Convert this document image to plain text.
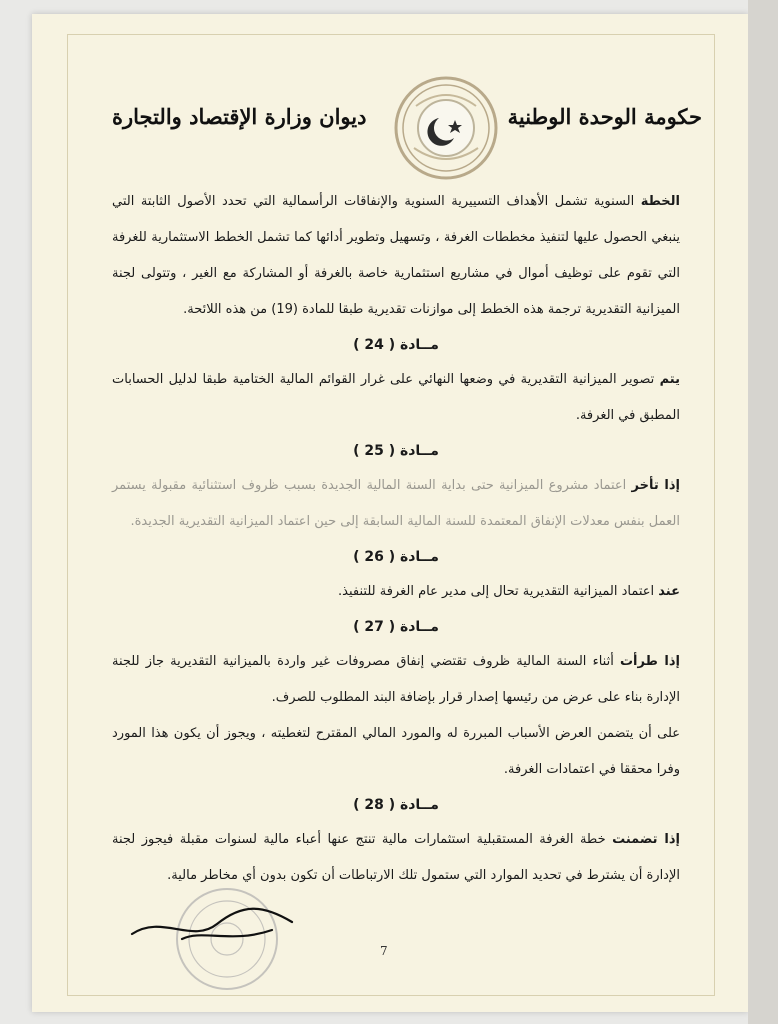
حكومة الوحدة الوطنية
ديوان وزارة الإقتصاد والتجارة

الخطة السنوية تشمل الأهداف التسييرية السنوية والإنفاقات الرأسمالية التي تحدد الأصول الثابتة التي ينبغي الحصول عليها لتنفيذ مخططات الغرفة ، وتسهيل وتطوير أدائها كما تشمل الخطط الاستثمارية للغرفة التي تقوم على توظيف أموال في مشاريع استثمارية خاصة بالغرفة أو المشاركة مع الغير ، وتتولى لجنة الميزانية التقديرية ترجمة هذه الخطط إلى موازنات تقديرية طبقا للمادة (19) من هذه اللائحة.

مــادة ( 24 )

يتم تصوير الميزانية التقديرية في وضعها النهائي على غرار القوائم المالية الختامية طبقا لدليل الحسابات المطبق في الغرفة.

مــادة ( 25 )

إذا تأخر اعتماد مشروع الميزانية حتى بداية السنة المالية الجديدة بسبب ظروف استثنائية مقبولة يستمر العمل بنفس معدلات الإنفاق المعتمدة للسنة المالية السابقة إلى حين اعتماد الميزانية التقديرية الجديدة.

مــادة ( 26 )

عند اعتماد الميزانية التقديرية تحال إلى مدير عام الغرفة للتنفيذ.

مــادة ( 27 )

إذا طرأت أثناء السنة المالية ظروف تقتضي إنفاق مصروفات غير واردة بالميزانية التقديرية جاز للجنة الإدارة بناء على عرض من رئيسها إصدار قرار بإضافة البند المطلوب للصرف.

على أن يتضمن العرض الأسباب المبررة له والمورد المالي المقترح لتغطيته ، ويجوز أن يكون هذا المورد وفرا محققا في اعتمادات الغرفة.

مــادة ( 28 )

إذا تضمنت خطة الغرفة المستقبلية استثمارات مالية تنتج عنها أعباء مالية لسنوات مقبلة فيجوز لجنة الإدارة أن يشترط في تحديد الموارد التي ستمول تلك الارتباطات أن تكون بدون أي مخاطر مالية.

7
